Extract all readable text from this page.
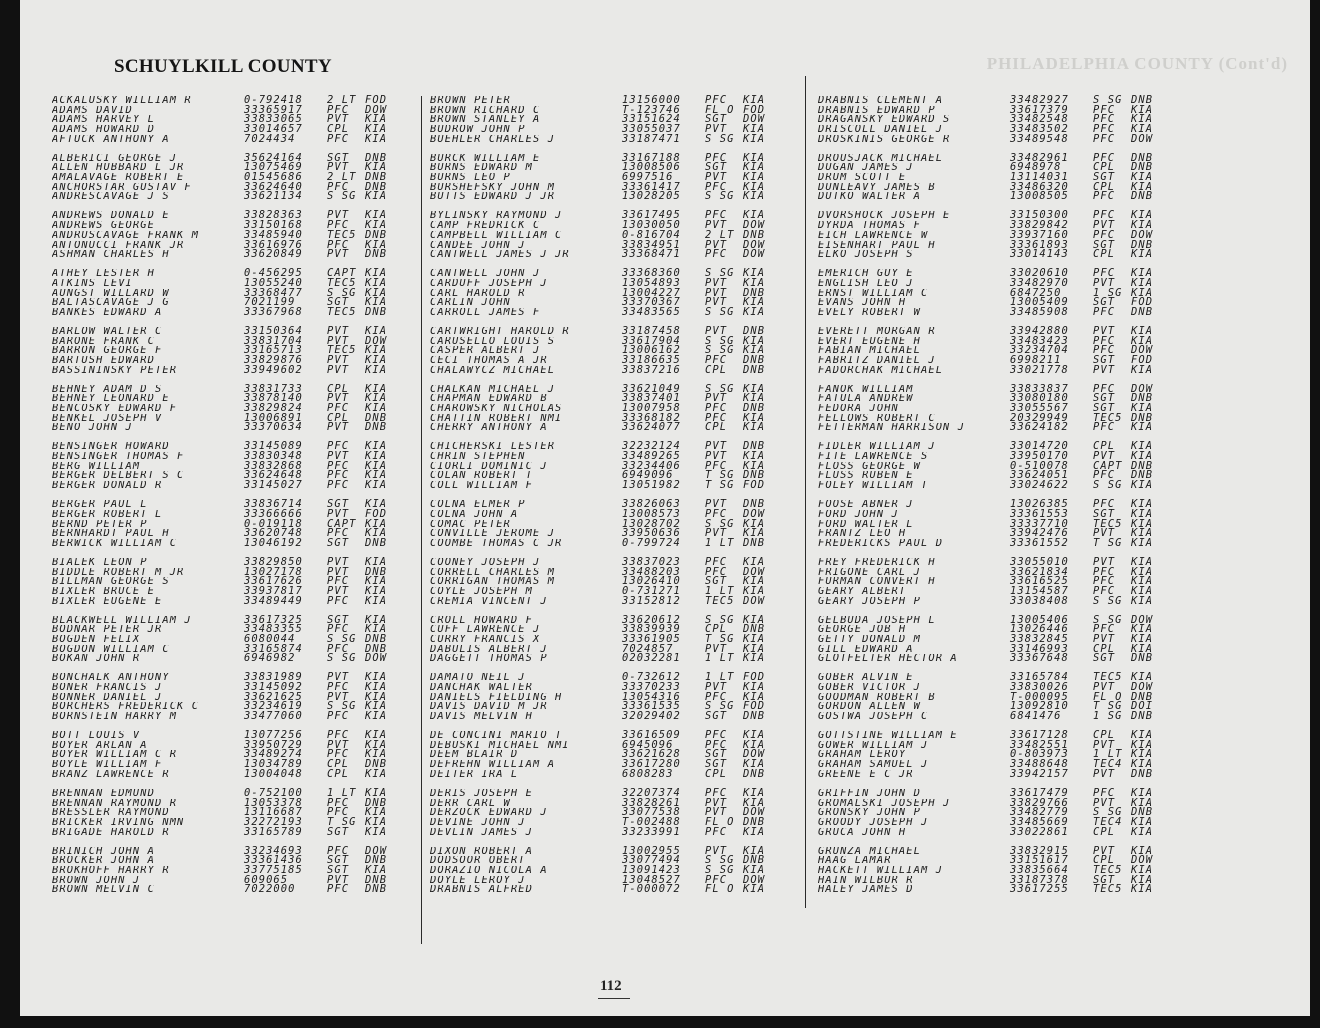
SCHUYLKILL COUNTY	PHILADELPHIA COUNTY (Cont'd)
ACKALUSKY WILLIAM R	0-792418	2 LT FOD
ADAMS DAVID	33365917	PFC	DOW
ADAMS HARVEY L	33833065	PVT	KIA
ADAMS HOWARD D	33014657	CPL	KIA
AFTUCK ANTHONY A	7024434	PFC	KIA
ALBERICI GEORGE J	35624164	SGT	DNB
ALLEN HUBBARD L JR	13075469	PVT	KIA
AMALAVAGE ROBERT E	01545686	2 LT DNB
ANCHORSTAR GUSTAV F	33624640	PFC	DNB
ANDRESCAVAGE J S	33621134	S SG KIA
ANDREWS DONALD E	33828363	PVT	KIA
ANDREWS GEORGE	33150168	PFC	KIA
ANDRUSCAVAGE FRANK M	33485940	TEC5 DNB
ANTONUCCI FRANK JR	33616976	PFC	KIA
ASHMAN CHARLES H	33620849	PVT	DNB
ATHEY LESTER H	0-456295	CAPT KIA
ATKINS LEVI	13055240	TEC5 KIA
AUNGST WILLARD W	33368477	S SG KIA
BALTASCAVAGE J G	7021199	SGT	KIA
BANKES EDWARD A	33367968	TEC5 DNB
BARLOW WALTER C	33150364	PVT	KIA
BARONE FRANK C	33831704	PVT	DOW
BARRON GEORGE F	33165713	TEC5 KIA
BARTUSH EDWARD	33829876	PVT	KIA
BASSININSKY PETER	33949602	PVT	KIA
BEHNEY ADAM D S	33831733	CPL	KIA
BEHNEY LEONARD E	33878140	PVT	KIA
BENCOSKY EDWARD F	33829824	PFC	KIA
BENKEL JOSEPH V	13006891	CPL	DNB
BENO JOHN J	33370634	PVT	DNB
BENSINGER HOWARD	33145089	PFC	KIA
BENSINGER THOMAS F	33830348	PVT	KIA
BERG WILLIAM	33832868	PFC	KIA
BERGER DELBERT S C	33624648	PFC	KIA
BERGER DONALD R	33145027	PFC	KIA
BERGER PAUL L	33836714	SGT	KIA
BERGER ROBERT L	33366666	PVT	FOD
BERND PETER P	0-019118	CAPT KIA
BERNHARDT PAUL H	33620748	PFC	KIA
BERWICK WILLIAM C	13046192	SGT	DNB
BIALEK LEON P	33829850	PVT	KIA
BIDDLE ROBERT M JR	13027178	PVT	DNB
BILLMAN GEORGE S	33617626	PFC	KIA
BIXLER BRUCE E	33937817	PVT	KIA
BIXLER EUGENE E	33489449	PFC	KIA
BLACKWELL WILLIAM J	33617325	SGT	KIA
BODNAR PETER JR	33483355	PFC	KIA
BOGDEN FELIX	6080044	S SG DNB
BOGDON WILLIAM C	33165874	PFC	DNB
BOKAN JOHN R	6946982	S SG DOW
BONCHALK ANTHONY	33831989	PVT	KIA
BONER FRANCIS J	33145092	PFC	KIA
BONNER DANIEL J	33621625	PVT	KIA
BORCHERS FREDERICK C	33234619	S SG KIA
BORNSTEIN HARRY M	33477060	PFC	KIA
BOTT LOUIS V	13077256	PFC	KIA
BOYER ARLAN A	33950729	PVT	KIA
BOYER WILLIAM C R	33489274	PFC	KIA
BOYLE WILLIAM F	13034789	CPL	DNB
BRANZ LAWRENCE R	13004048	CPL	KIA
BRENNAN EDMUND	0-752100	1 LT KIA
BRENNAN RAYMOND R	13053378	PFC	DNB
BRESSLER RAYMOND	13116687	PFC	KIA
BRICKER IRVING NMN	32272193	T SG KIA
BRIGADE HAROLD R	33165789	SGT	KIA
BRINICH JOHN A	33234693	PFC	DOW
BROCKER JOHN A	33361436	SGT	DNB
BROKHOFF HARRY R	33775185	SGT	KIA
BROWN JOHN J	609065	PVT	DNB
BROWN MELVIN C	7022000	PFC	DNB
BROWN PETER	13156000	PFC	KIA
BROWN RICHARD C	T-123746	FL O FOD
BROWN STANLEY A	33151624	SGT	DOW
BUDROW JOHN P	33055037	PVT	KIA
BUEHLER CHARLES J	33187471	S SG KIA
BURCK WILLIAM E	33167188	PFC	KIA
BURNS EDWARD M	13008506	SGT	KIA
BURNS LEO P	6997516	PVT	KIA
BURSHEFSKY JOHN M	33361417	PFC	KIA
BUTTS EDWARD J JR	13028205	S SG KIA
BYLINSKY RAYMOND J	33617495	PFC	KIA
CAMP FREDRICK C	13030050	PVT	DOW
CAMPBELL WILLIAM C	0-816704	2 LT DNB
CANDEE JOHN J	33834951	PVT	DOW
CANTWELL JAMES J JR	33368471	PFC	DOW
CANTWELL JOHN J	33368360	S SG KIA
CARDUFF JOSEPH J	13054893	PVT	KIA
CARL HAROLD R	13004227	PVT	DNB
CARLIN JOHN	33370367	PVT	KIA
CARROLL JAMES F	33483565	S SG KIA
CARTWRIGHT HAROLD R	33187458	PVT	DNB
CARUSELLO LOUIS S	33617904	S SG KIA
CASPER ALBERT J	13006162	S SG KIA
CECI THOMAS A JR	33186635	PFC	DNB
CHALAWYCZ MICHAEL	33837216	CPL	DNB
CHALKAN MICHAEL J	33621049	S SG KIA
CHAPMAN EDWARD B	33837401	PVT	KIA
CHAROWSKY NICHOLAS	13007958	PFC	DNB
CHATTIN ROBERT NMI	33368182	PFC	KIA
CHERRY ANTHONY A	33624077	CPL	KIA
CHICHERSKI LESTER	32232124	PVT	DNB
CHRIN STEPHEN	33489265	PVT	KIA
CIORLI DOMINIC J	33234406	PFC	KIA
COLAN ROBERT T	6949096	T SG DNB
COLL WILLIAM F	13051982	T SG FOD
COLNA ELMER P	33826063	PVT	DNB
COLNA JOHN A	13008573	PFC	DOW
COMAC PETER	13028702	S SG KIA
CONVILLE JEROME J	33950636	PVT	KIA
COOMBE THOMAS C JR	0-799724	1 LT DNB
COONEY JOSEPH J	33837023	PFC	KIA
CORRELL CHARLES M	33488203	PFC	DOW
CORRIGAN THOMAS M	13026410	SGT	KIA
COYLE JOSEPH M	0-731271	1 LT KIA
CREMIA VINCENT J	33152812	TEC5 DOW
CROLL HOWARD F	33620612	S SG KIA
CUFF LAWRENCE J	33839939	CPL	DNB
CURRY FRANCIS X	33361905	T SG KIA
DABULIS ALBERT J	7024857	PVT	KIA
DAGGETT THOMAS P	02032281	1 LT KIA
DAMATO NEIL J	0-732612	1 LT FOD
DANCHAK WALTER	33370233	PVT	KIA
DANIELS FIELDING H	13054316	PFC	KIA
DAVIS DAVID M JR	33361535	S SG FOD
DAVIS MELVIN H	32029402	SGT	DNB
DE CONCINI MARIO T	33616509	PFC	KIA
DEBUSKI MICHAEL NMI	6945096	PFC	KIA
DEEM BLAIR D	33621628	SGT	DOW
DEFREHN WILLIAM A	33617280	SGT	KIA
DEITER IRA L	6808283	CPL	DNB
DERIS JOSEPH E	32207374	PFC	KIA
DERR CARL W	33828261	PVT	KIA
DERZOCK EDWARD J	33077538	PVT	DOW
DEVINE JOHN J	T-002488	FL O DNB
DEVLIN JAMES J	33233991	PFC	KIA
DIXON ROBERT A	13002955	PVT	KIA
DODSOOR OBERT	33077494	S SG DNB
DORAZIO NICOLA A	13091423	S SG KIA
DOYLE LEROY J	13048527	PFC	DOW
DRABNIS ALFRED	T-000072	FL O KIA
DRABNIS CLEMENT A	33482927	S SG DNB
DRABNIS EDWARD P	33617379	PFC	KIA
DRAGANSKY EDWARD S	33482548	PFC	KIA
DRISCOLL DANIEL J	33483502	PFC	KIA
DROSKINIS GEORGE R	33489548	PFC	DOW
DROUSJACK MICHAEL	33482961	PFC	DNB
DUGAN JAMES J	6948978	CPL	DNB
DRUM SCOTT E	13114031	SGT	KIA
DUNLEAVY JAMES B	33486320	CPL	KIA
DUTKO WALTER A	13008505	PFC	DNB
DVORSHOCK JOSEPH E	33150300	PFC	KIA
DYRDA THOMAS F	33829842	PVT	KIA
EICH LAWRENCE W	33937160	PFC	DOW
EISENHART PAUL H	33361893	SGT	DNB
ELKO JOSEPH S	33014143	CPL	KIA
EMERICH GUY E	33020610	PFC	KIA
ENGLISH LEO J	33482970	PVT	KIA
ERNST WILLIAM C	6847250	1 SG KIA
EVANS JOHN H	13005409	SGT	FOD
EVELY ROBERT W	33485908	PFC	DNB
EVERETT MORGAN R	33942880	PVT	KIA
EVERT EUGENE H	33483423	PFC	KIA
FABIAN MICHAEL	33234704	PFC	DOW
FABRITZ DANIEL J	6998211	SGT	FOD
FADORCHAK MICHAEL	33021778	PVT	KIA
FANOK WILLIAM	33833837	PFC	DOW
FATULA ANDREW	33080180	SGT	DNB
FEDORA JOHN	33055567	SGT	KIA
FELLOWS ROBERT C	20329949	TEC5 DNB
FETTERMAN HARRISON J	33624182	PFC	KIA
FIDLER WILLIAM J	33014720	CPL	KIA
FITE LAWRENCE S	33950170	PVT	KIA
FLOSS GEORGE W	0-510078	CAPT DNB
FLUSS RUBEN E	33624051	PFC	DNB
FOLEY WILLIAM T	33024622	S SG KIA
FOOSE ABNER J	13026385	PFC	KIA
FORD JOHN J	33361553	SGT	KIA
FORD WALTER L	33337710	TEC5 KIA
FRANTZ LEO H	33942476	PVT	KIA
FREDERICKS PAUL D	33361552	T SG KIA
FREY FREDERICK H	33055010	PVT	KIA
FRIGONE CARL J	33621834	PFC	KIA
FURMAN CONVERT H	33616525	PFC	KIA
GEARY ALBERT	13154587	PFC	KIA
GEARY JOSEPH P	33038408	S SG KIA
GELBUDA JOSEPH L	13005406	S SG DOW
GEORGE JOB H	13026446	PFC	KIA
GETTY DONALD M	33832845	PVT	KIA
GILL EDWARD A	33146993	CPL	KIA
GLOTFELTER HECTOR A	33367648	SGT	DNB
GOBER ALVIN E	33165784	TEC5 KIA
GOBER VICTOR J	33830026	PVT	DOW
GOODMAN ROBERT B	T-000095	FL O DNB
GORDON ALLEN W	13092810	T SG DOI
GOSTWA JOSEPH C	6841476	1 SG DNB
GOTTSTINE WILLIAM E	33617128	CPL	KIA
GOWER WILLIAM J	33482551	PVT	KIA
GRAHAM LEROY	0-803973	1 LT KIA
GRAHAM SAMUEL J	33488648	TEC4 KIA
GREENE E C JR	33942157	PVT	DNB
GRIFFIN JOHN D	33617479	PFC	KIA
GROMALSKI JOSEPH J	33829766	PVT	KIA
GRONSKY JOHN P	33482779	S SG DNB
GROODY JOSEPH J	33485669	TEC4 KIA
GRUCA JOHN H	33022861	CPL	KIA
GRUNZA MICHAEL	33832915	PVT	KIA
HAAG LAMAR	33151617	CPL	DOW
HACKETT WILLIAM J	33835664	TEC5 KIA
HAIN WILBUR R	33187378	SGT	KIA
HALEY JAMES D	33617255	TEC5 KIA
112
